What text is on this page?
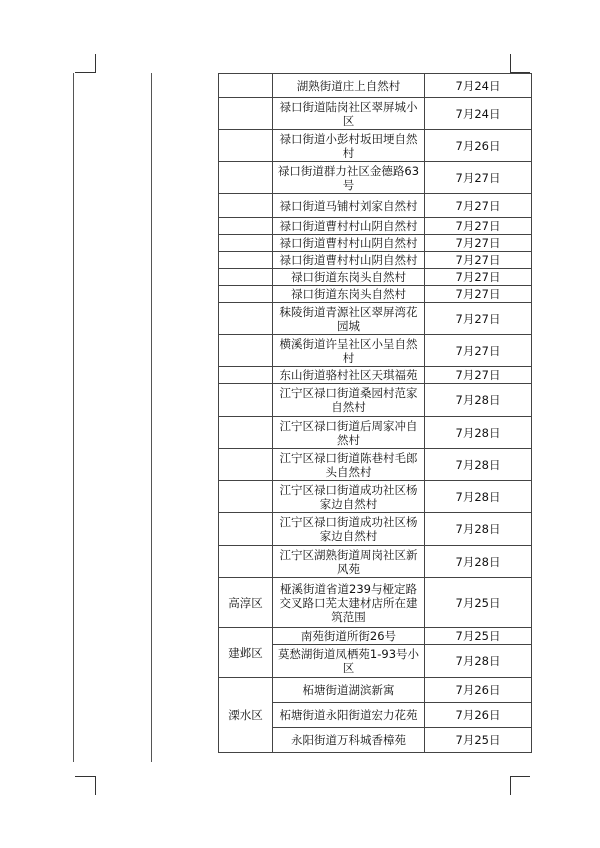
	湖熟街道庄上自然村	7月24日
	禄口街道陆岗社区翠屏城小区	7月24日
	禄口街道小彭村坂田埂自然村	7月26日
	禄口街道群力社区金德路63号	7月27日
	禄口街道马铺村刘家自然村	7月27日
	禄口街道曹村村山阴自然村	7月27日
	禄口街道曹村村山阴自然村	7月27日
	禄口街道曹村村山阴自然村	7月27日
	禄口街道东岗头自然村	7月27日
	禄口街道东岗头自然村	7月27日
	秣陵街道青源社区翠屏湾花园城	7月27日
	横溪街道许呈社区小呈自然村	7月27日
	东山街道骆村社区天琪福苑	7月27日
	江宁区禄口街道桑园村范家自然村	7月28日
	江宁区禄口街道后周家冲自然村	7月28日
	江宁区禄口街道陈巷村毛郎头自然村	7月28日
	江宁区禄口街道成功社区杨家边自然村	7月28日
	江宁区禄口街道成功社区杨家边自然村	7月28日
	江宁区湖熟街道周岗社区新风苑	7月28日
高淳区	桠溪街道省道239与桠定路交叉路口芜太建材店所在建筑范围	7月25日
建邺区	南苑街道所街26号	7月25日
	莫愁湖街道凤栖苑1-93号小区	7月28日
溧水区	柘塘街道湖滨新寓	7月26日
	柘塘街道永阳街道宏力花苑	7月26日
	永阳街道万科城香樟苑	7月25日
